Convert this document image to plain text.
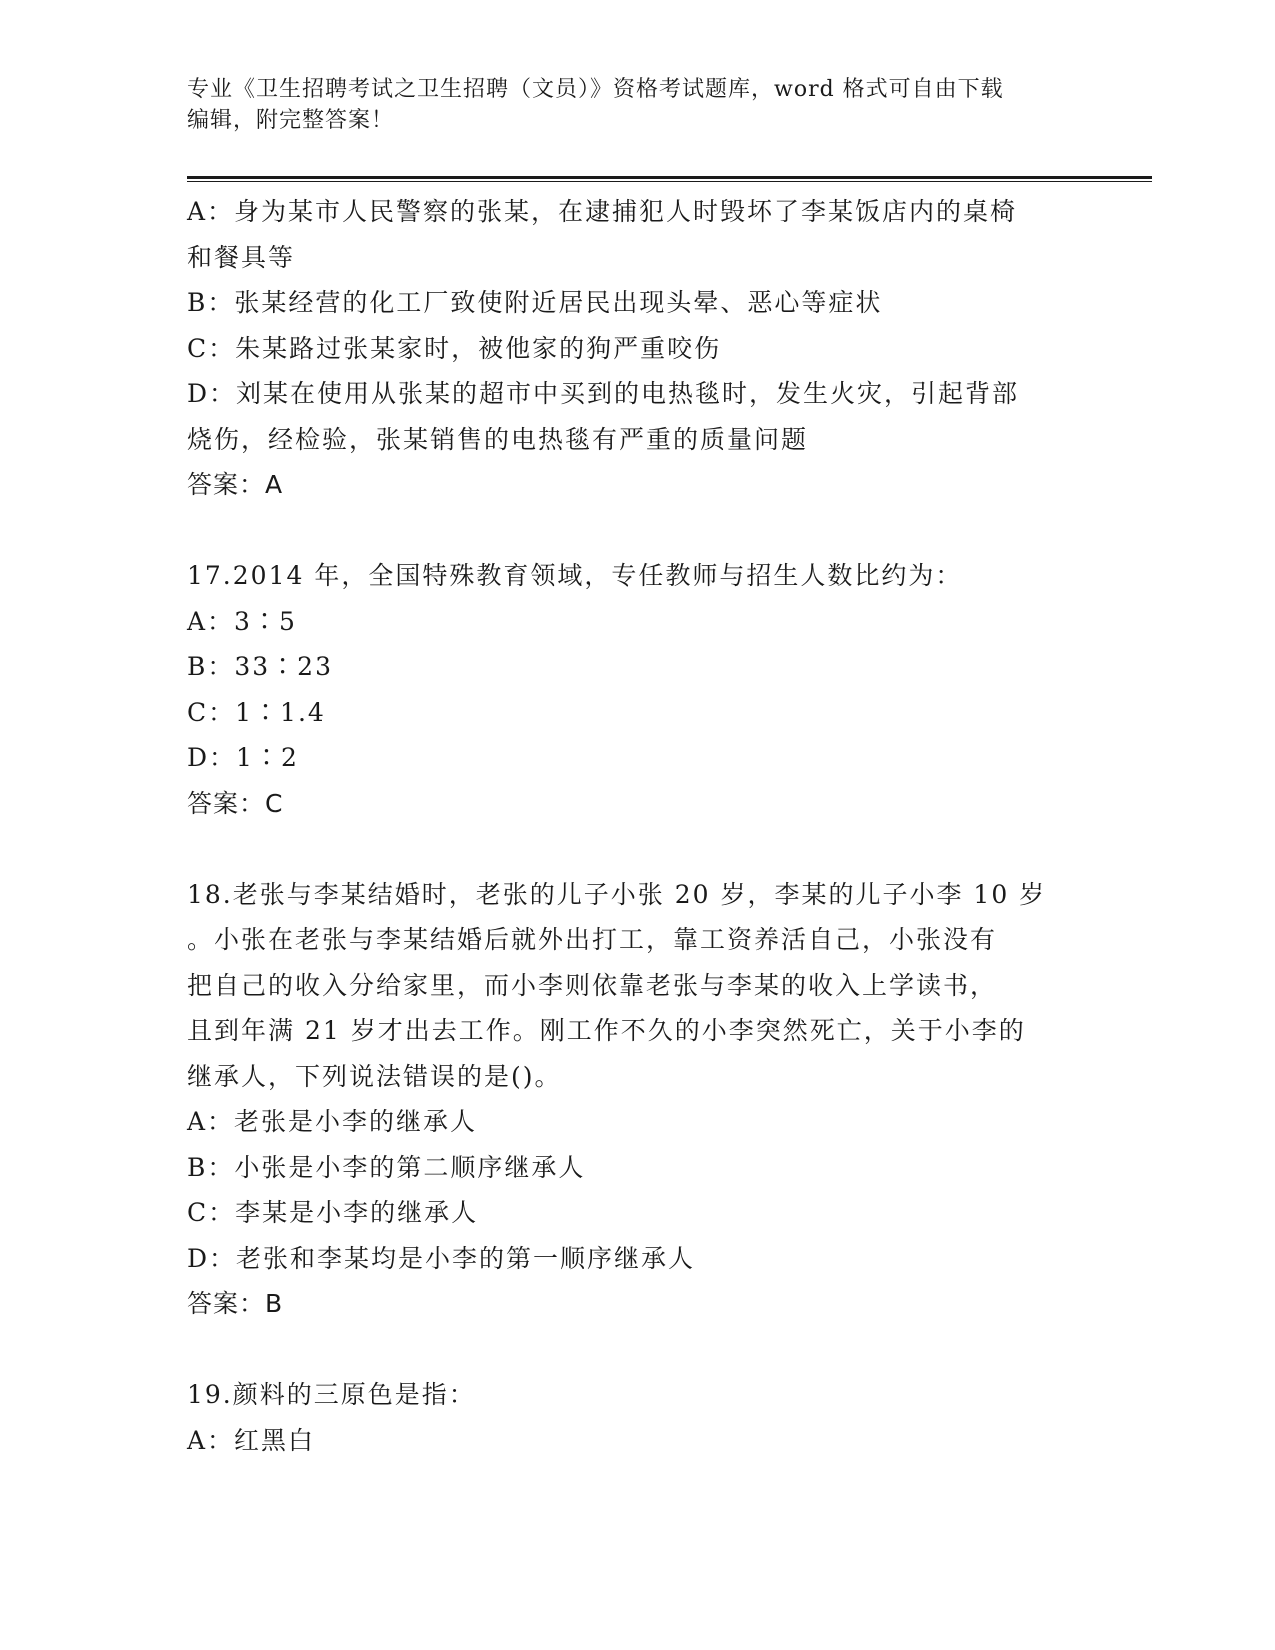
专业《卫生招聘考试之卫生招聘（文员）》资格考试题库，word 格式可自由下载
编辑，附完整答案！
A：身为某市人民警察的张某，在逮捕犯人时毁坏了李某饭店内的桌椅
和餐具等
B：张某经营的化工厂致使附近居民出现头晕、恶心等症状
C：朱某路过张某家时，被他家的狗严重咬伤
D：刘某在使用从张某的超市中买到的电热毯时，发生火灾，引起背部
烧伤，经检验，张某销售的电热毯有严重的质量问题
答案：A
17.2014 年，全国特殊教育领域，专任教师与招生人数比约为：
A：3∶5
B：33∶23
C：1∶1.4
D：1∶2
答案：C
18.老张与李某结婚时，老张的儿子小张 20 岁，李某的儿子小李 10 岁
。小张在老张与李某结婚后就外出打工，靠工资养活自己，小张没有
把自己的收入分给家里，而小李则依靠老张与李某的收入上学读书，
且到年满 21 岁才出去工作。刚工作不久的小李突然死亡，关于小李的
继承人，下列说法错误的是()。
A：老张是小李的继承人
B：小张是小李的第二顺序继承人
C：李某是小李的继承人
D：老张和李某均是小李的第一顺序继承人
答案：B
19.颜料的三原色是指：
A：红黑白
